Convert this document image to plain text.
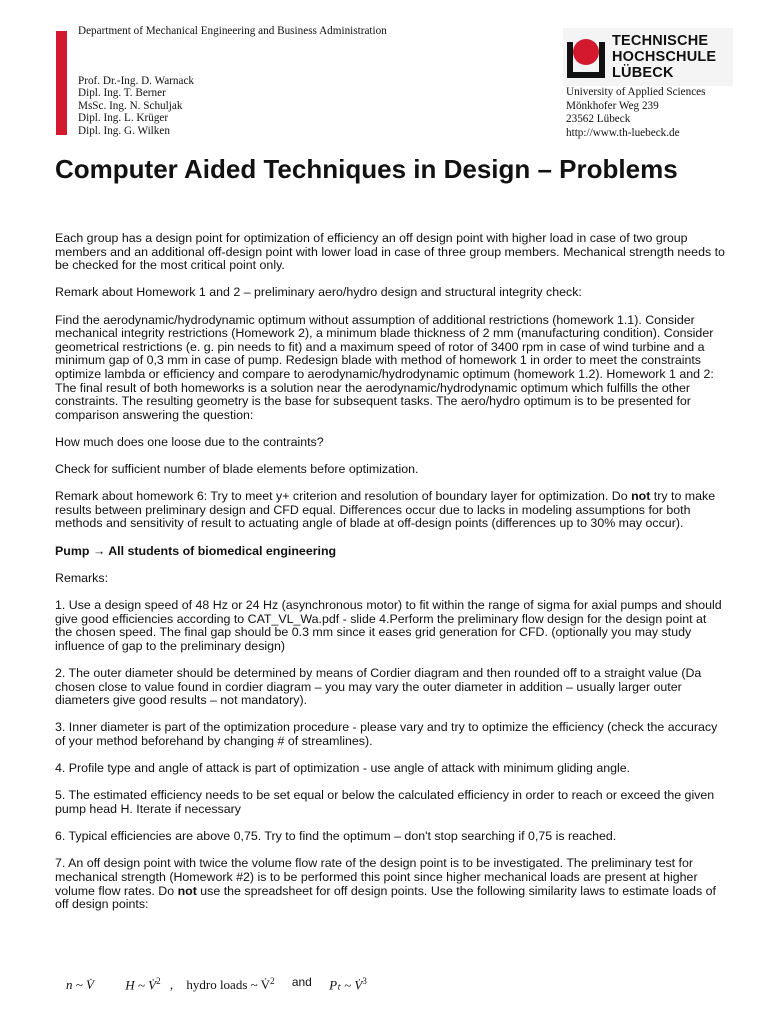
Department of Mechanical Engineering and Business Administration
Prof. Dr.-Ing. D. Warnack
Dipl. Ing. T. Berner
MsSc. Ing. N. Schuljak
Dipl. Ing. L. Krüger
Dipl. Ing. G. Wilken
TECHNISCHE
HOCHSCHULE
LÜBECK
University of Applied Sciences
Mönkhofer Weg 239
23562 Lübeck
http://www.th-luebeck.de
Computer Aided Techniques in Design – Problems

Each group has a design point for optimization of efficiency an off design point with higher load in case of two group members and an additional off-design point with lower load in case of three group members. Mechanical strength needs to be checked for the most critical point only.

Remark about Homework 1 and 2 – preliminary aero/hydro design and structural integrity check:

Find the aerodynamic/hydrodynamic optimum without assumption of additional restrictions (homework 1.1). Consider mechanical integrity restrictions (Homework 2), a minimum blade thickness of 2 mm (manufacturing condition). Consider geometrical restrictions (e. g. pin needs to fit) and a maximum speed of rotor of 3400 rpm in case of wind turbine and a minimum gap of 0,3 mm in case of pump. Redesign blade with method of homework 1 in order to meet the constraints optimize lambda or efficiency and compare to aerodynamic/hydrodynamic optimum (homework 1.2). Homework 1 and 2: The final result of both homeworks is a solution near the aerodynamic/hydrodynamic optimum which fulfills the other constraints. The resulting geometry is the base for subsequent tasks. The aero/hydro optimum is to be presented for comparison answering the question:

How much does one loose due to the contraints?

Check for sufficient number of blade elements before optimization.

Remark about homework 6: Try to meet y+ criterion and resolution of boundary layer for optimization. Do not try to make results between preliminary design and CFD equal. Differences occur due to lacks in modeling assumptions for both methods and sensitivity of result to actuating angle of blade at off-design points (differences up to 30% may occur).

Pump → All students of biomedical engineering

Remarks:

1. Use a design speed of 48 Hz or 24 Hz (asynchronous motor) to fit within the range of sigma for axial pumps and should give good efficiencies according to CAT_VL_Wa.pdf - slide 4.Perform the preliminary flow design for the design point at the chosen speed. The final gap should be 0.3 mm since it eases grid generation for CFD. (optionally you may study influence of gap to the preliminary design)

2. The outer diameter should be determined by means of Cordier diagram and then rounded off to a straight value (Da chosen close to value found in cordier diagram – you may vary the outer diameter in addition – usually larger outer diameters give good results – not mandatory).

3. Inner diameter is part of the optimization procedure - please vary and try to optimize the efficiency (check the accuracy of your method beforehand by changing # of streamlines).

4. Profile type and angle of attack is part of optimization - use angle of attack with minimum gliding angle.

5. The estimated efficiency needs to be set equal or below the calculated efficiency in order to reach or exceed the given pump head H. Iterate if necessary

6. Typical efficiencies are above 0,75. Try to find the optimum – don't stop searching if 0,75 is reached.

7. An off design point with twice the volume flow rate of the design point is to be investigated. The preliminary test for mechanical strength (Homework #2) is to be performed this point since higher mechanical loads are present at higher volume flow rates. Do not use the spreadsheet for off design points. Use the following similarity laws to estimate loads of off design points:

n ~ V̇ H ~ V̇$^2$ , hydro loads ~ V̇$^2$ and Pₜ ~ V̇$^3$
